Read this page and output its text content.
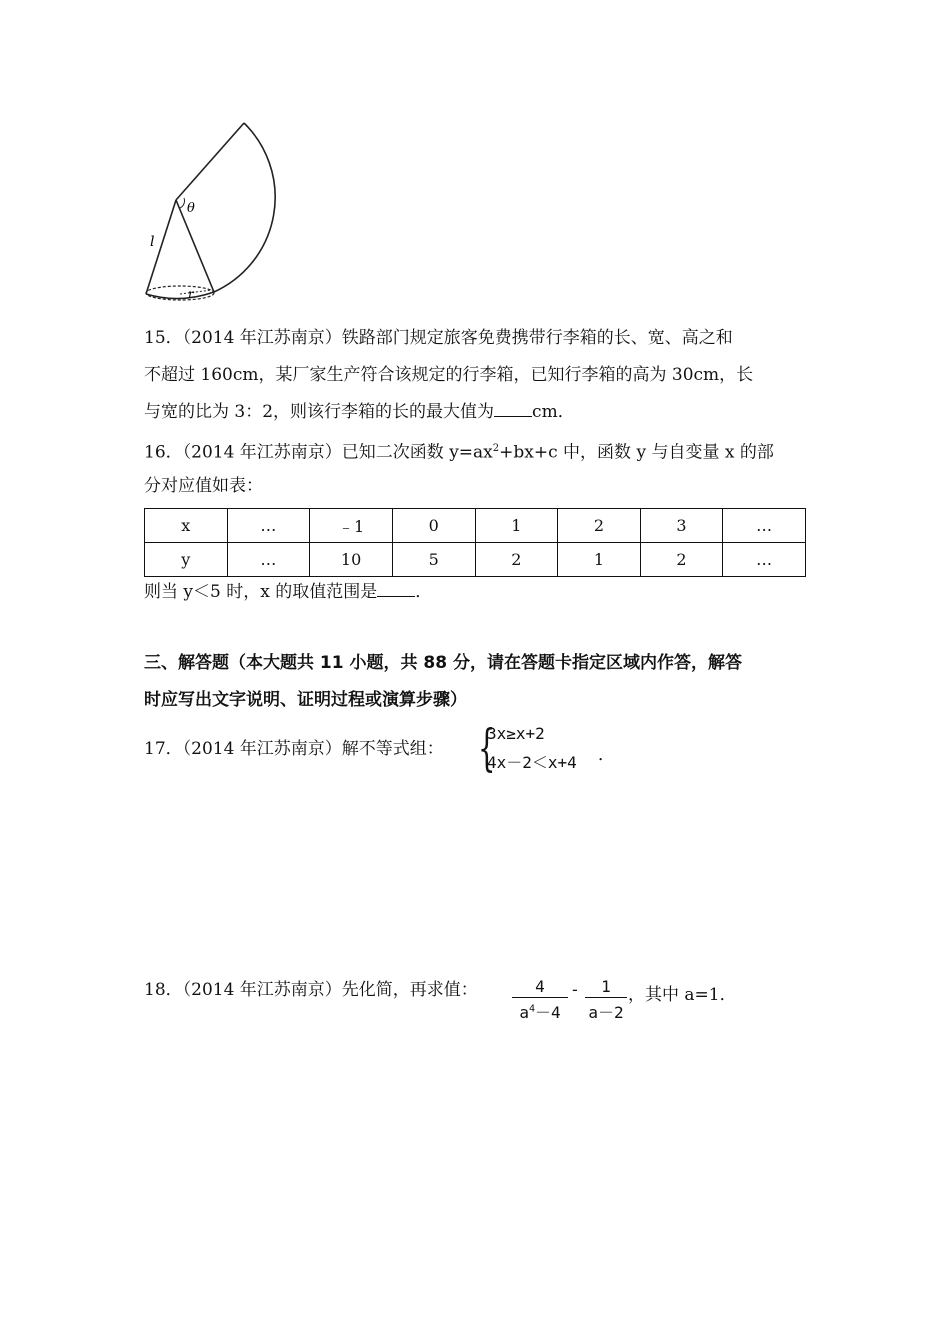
θ
l
r
15．（2014 年江苏南京）铁路部门规定旅客免费携带行李箱的长、宽、高之和
不超过 160cm，某厂家生产符合该规定的行李箱，已知行李箱的高为 30cm，长
与宽的比为 3：2，则该行李箱的长的最大值为 cm．
16．（2014 年江苏南京）已知二次函数 $y=ax^2+bx+c$ 中，函数 y 与自变量 x 的部
分对应值如表：
x	…	﹣1	0	1	2	3	…
y	…	10	5	2	1	2	…
则当 y＜5 时，x 的取值范围是 ．
三、解答题（本大题共 11 小题，共 88 分，请在答题卡指定区域内作答，解答
时应写出文字说明、证明过程或演算步骤）
17．（2014 年江苏南京）解不等式组： {
3x≥x+2
4x－2＜x+4 ．
18．（2014 年江苏南京）先化简，再求值： $\frac{4}{a^4-4} - \frac{1}{a-2}$ ，其中 a=1．
